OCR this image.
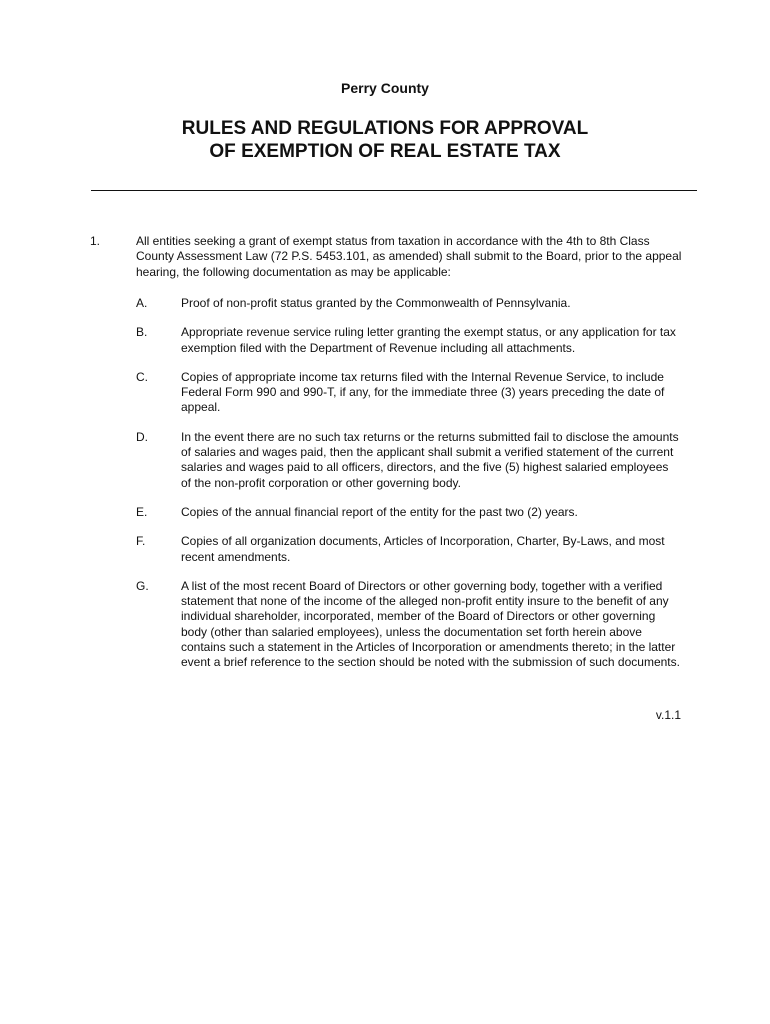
Perry County
RULES AND REGULATIONS FOR APPROVAL
OF EXEMPTION OF REAL ESTATE TAX
1.	All entities seeking a grant of exempt status from taxation in accordance with the 4th to 8th Class County Assessment Law (72 P.S. 5453.101, as amended) shall submit to the Board, prior to the appeal hearing, the following documentation as may be applicable:
A.	Proof of non-profit status granted by the Commonwealth of Pennsylvania.
B.	Appropriate revenue service ruling letter granting the exempt status, or any application for tax exemption filed with the Department of Revenue including all attachments.
C.	Copies of appropriate income tax returns filed with the Internal Revenue Service, to include Federal Form 990 and 990-T, if any, for the immediate three (3) years preceding the date of appeal.
D.	In the event there are no such tax returns or the returns submitted fail to disclose the amounts of salaries and wages paid, then the applicant shall submit a verified statement of the current salaries and wages paid to all officers, directors, and the five (5) highest salaried employees of the non-profit corporation or other governing body.
E.	Copies of the annual financial report of the entity for the past two (2) years.
F.	Copies of all organization documents, Articles of Incorporation, Charter, By-Laws, and most recent amendments.
G.	A list of the most recent Board of Directors or other governing body, together with a verified statement that none of the income of the alleged non-profit entity insure to the benefit of any individual shareholder, incorporated, member of the Board of Directors or other governing body (other than salaried employees), unless the documentation set forth herein above contains such a statement in the Articles of Incorporation or amendments thereto; in the latter event a brief reference to the section should be noted with the submission of such documents.
v.1.1
